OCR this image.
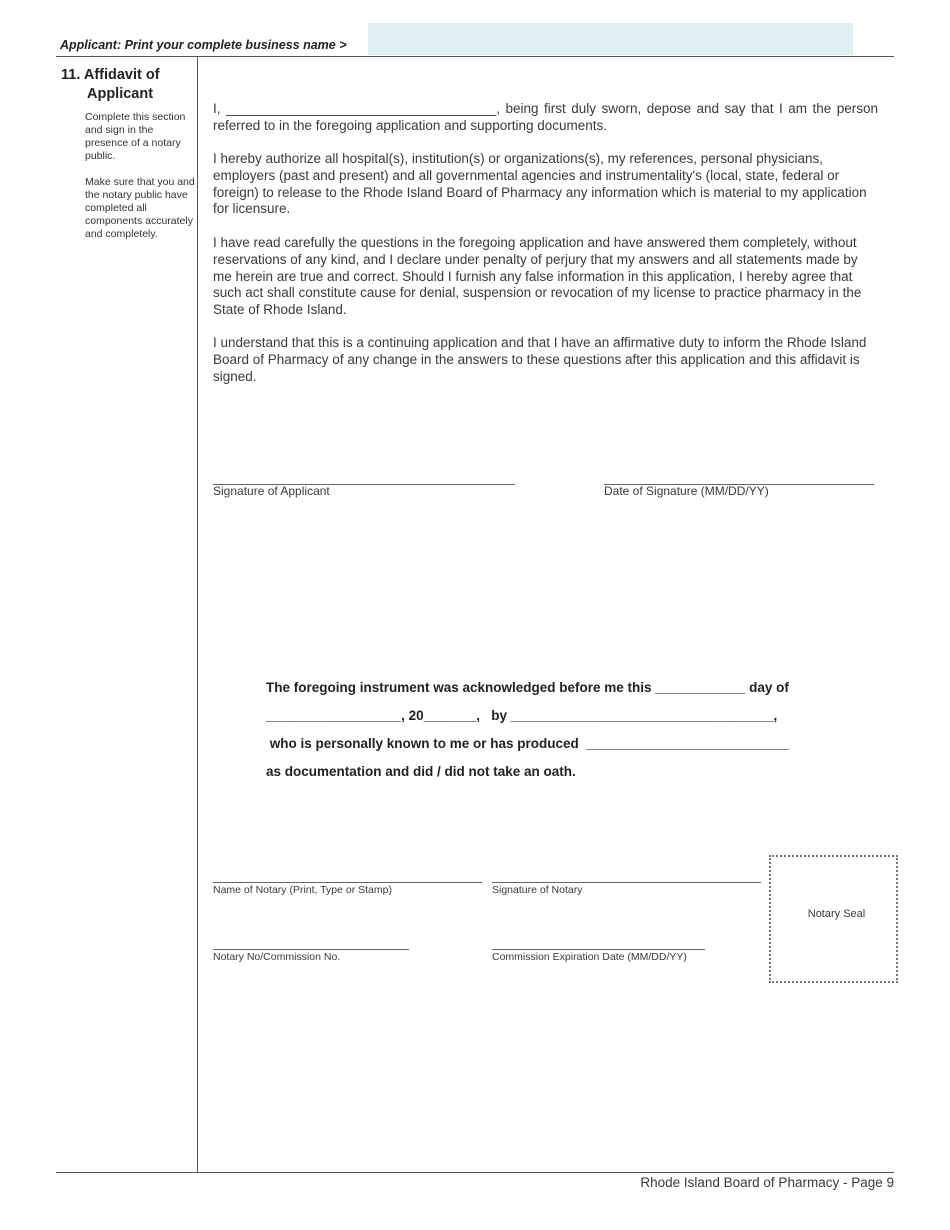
Applicant: Print your complete business name >
11. Affidavit of
Applicant
Complete this section and sign in the presence of a notary public.
Make sure that you and the notary public have completed all components accurately and completely.

I, ____________________________________, being first duly sworn, depose and say that I am the person referred to in the foregoing application and supporting documents.

I hereby authorize all hospital(s), institution(s) or organizations(s), my references, personal physicians, employers (past and present) and all governmental agencies and instrumentality's (local, state, federal or foreign) to release to the Rhode Island Board of Pharmacy any information which is material to my application for licensure.

I have read carefully the questions in the foregoing application and have answered them completely, without reservations of any kind, and I declare under penalty of perjury that my answers and all statements made by me herein are true and correct. Should I furnish any false information in this application, I hereby agree that such act shall constitute cause for denial, suspension or revocation of my license to practice pharmacy in the State of Rhode Island.

I understand that this is a continuing application and that I have an affirmative duty to inform the Rhode Island Board of Pharmacy of any change in the answers to these questions after this application and this affidavit is signed.

Signature of Applicant	Date of Signature (MM/DD/YY)
The foregoing instrument was acknowledged before me this ____________ day of
__________________, 20_______,   by ___________________________________,
who is personally known to me or has produced  ___________________________
as documentation and did / did not take an oath.
Name of Notary (Print, Type or Stamp)	Signature of Notary
Notary No/Commission No.	Commission Expiration Date (MM/DD/YY)
Notary Seal
Rhode Island Board of Pharmacy - Page 9
